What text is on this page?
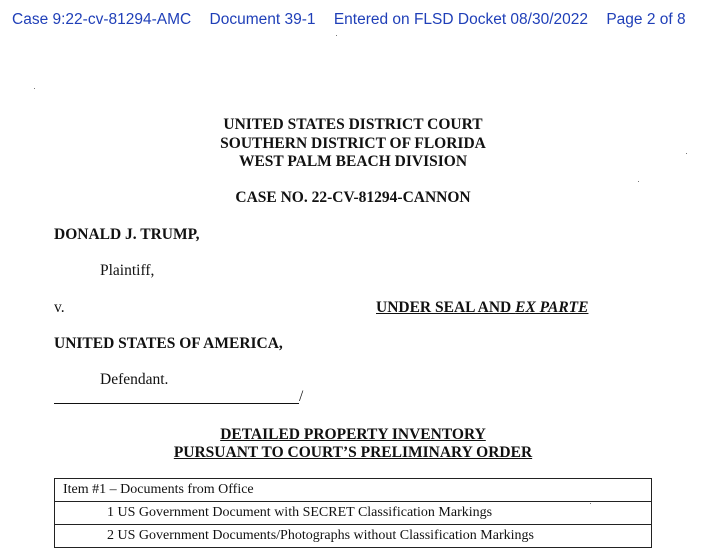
Case 9:22-cv-81294-AMC Document 39-1 Entered on FLSD Docket 08/30/2022 Page 2 of 8
UNITED STATES DISTRICT COURT
SOUTHERN DISTRICT OF FLORIDA
WEST PALM BEACH DIVISION
CASE NO. 22-CV-81294-CANNON
DONALD J. TRUMP,
Plaintiff,
v.	UNDER SEAL AND EX PARTE
UNITED STATES OF AMERICA,
Defendant.
/
DETAILED PROPERTY INVENTORY
PURSUANT TO COURT’S PRELIMINARY ORDER
Item #1 – Documents from Office
1 US Government Document with SECRET Classification Markings
2 US Government Documents/Photographs without Classification Markings
